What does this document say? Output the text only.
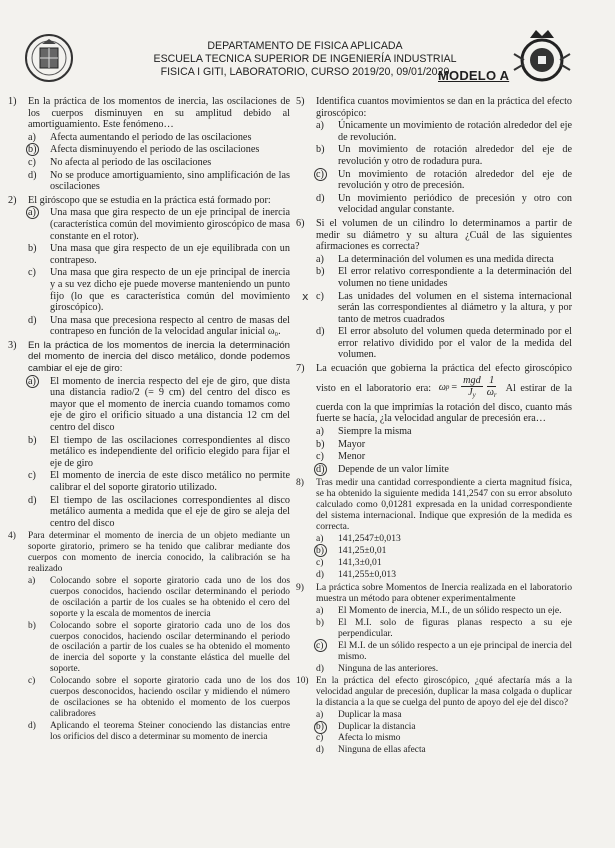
DEPARTAMENTO DE FISICA APLICADA
ESCUELA TECNICA SUPERIOR DE INGENIERÍA INDUSTRIAL
FISICA I GITI, LABORATORIO, CURSO 2019/20, 09/01/2020
MODELO A
1)	En la práctica de los momentos de inercia, las oscilaciones de los cuerpos disminuyen en su amplitud debido al amortiguamiento. Este fenómeno…
a)	Afecta aumentando el periodo de las oscilaciones
b)	Afecta disminuyendo el periodo de las oscilaciones
c)	No afecta al periodo de las oscilaciones
d)	No se produce amortiguamiento, sino amplificación de las oscilaciones
2)	El giróscopo que se estudia en la práctica está formado por:
a)	Una masa que gira respecto de un eje principal de inercia (característica común del movimiento giroscópico de masa constante en el rotor).
b)	Una masa que gira respecto de un eje equilibrada con un contrapeso.
c)	Una masa que gira respecto de un eje principal de inercia y a su vez dicho eje puede moverse manteniendo un punto fijo (lo que es característica común del movimiento giroscópico).
d)	Una masa que precesiona respecto al centro de masas del contrapeso en función de la velocidad angular inicial ω₀.
3)	En la práctica de los momentos de inercia la determinación del momento de inercia del disco metálico, donde podemos cambiar el eje de giro:
a)	El momento de inercia respecto del eje de giro, que dista una distancia radio/2 (= 9 cm) del centro del disco es mayor que el momento de inercia cuando tomamos como eje de giro el orificio situado a una distancia 12 cm del centro del disco
b)	El tiempo de las oscilaciones correspondientes al disco metálico es independiente del orificio elegido para fijar el eje de giro
c)	El momento de inercia de este disco metálico no permite calibrar el del soporte giratorio utilizado.
d)	El tiempo de las oscilaciones correspondientes al disco metálico aumenta a medida que el eje de giro se aleja del centro del disco
4)	Para determinar el momento de inercia de un objeto mediante un soporte giratorio, primero se ha tenido que calibrar mediante dos cuerpos con momento de inercia conocido, la calibración se ha realizado
a)	Colocando sobre el soporte giratorio cada uno de los dos cuerpos conocidos, haciendo oscilar determinando el periodo de oscilación a partir de los cuales se ha obtenido el cero del soporte y la escala de momentos de inercia
b)	Colocando sobre el soporte giratorio cada uno de los dos cuerpos conocidos, haciendo oscilar determinando el periodo de oscilación a partir de los cuales se ha obtenido el momento de inercia del soporte y la constante elástica del muelle del soporte.
c)	Colocando sobre el soporte giratorio cada uno de los dos cuerpos desconocidos, haciendo oscilar y midiendo el número de oscilaciones se ha obtenido el momento de los cuerpos calibradores
d)	Aplicando el teorema Steiner conociendo las distancias entre los orificios del disco a determinar su momento de inercia
5)	Identifica cuantos movimientos se dan en la práctica del efecto giroscópico:
a)	Únicamente un movimiento de rotación alrededor del eje de revolución.
b)	Un movimiento de rotación alrededor del eje de revolución y otro de rodadura pura.
c)	Un movimiento de rotación alrededor del eje de revolución y otro de precesión.
d)	Un movimiento periódico de precesión y otro con velocidad angular constante.
6)	Si el volumen de un cilindro lo determinamos a partir de medir su diámetro y su altura ¿Cuál de las siguientes afirmaciones es correcta?
a)	La determinación del volumen es una medida directa
b)	El error relativo correspondiente a la determinación del volumen no tiene unidades
x c)	Las unidades del volumen en el sistema internacional serán las correspondientes al diámetro y la altura, y por tanto de metros cuadrados
d)	El error absoluto del volumen queda determinado por el error relativo dividido por el valor de la medida del volumen.
7)	La ecuación que gobierna la práctica del efecto giroscópico visto en el laboratorio era: ω $p = \frac{\text{mgd}}{J_y} \frac{1}{\omega_r}$ Al estirar de la cuerda con la que imprimías la rotación del disco, cuanto más fuerte se hacía, ¿la velocidad angular de precesión era…
a)	Siempre la misma
b)	Mayor
c)	Menor
d)	Depende de un valor límite
8)	Tras medir una cantidad correspondiente a cierta magnitud física, se ha obtenido la siguiente medida 141,2547 con su error absoluto calculado como 0,01281 expresada en la unidad correspondiente del sistema internacional. Indique que expresión de la medida es correcta.
a)	141,2547±0,013
b)	141,25±0,01
c)	141,3±0,01
d)	141,255±0,013
9)	La práctica sobre Momentos de Inercia realizada en el laboratorio muestra un método para obtener experimentalmente
a)	El Momento de inercia, M.I., de un sólido respecto un eje.
b)	El M.I. solo de figuras planas respecto a su eje perpendicular.
c)	El M.I. de un sólido respecto a un eje principal de inercia del mismo.
d)	Ninguna de las anteriores.
10) En la práctica del efecto giroscópico, ¿qué afectaría más a la velocidad angular de precesión, duplicar la masa colgada o duplicar la distancia a la que se cuelga del punto de apoyo del eje del disco?
a)	Duplicar la masa
b)	Duplicar la distancia
c)	Afecta lo mismo
d)	Ninguna de ellas afecta
